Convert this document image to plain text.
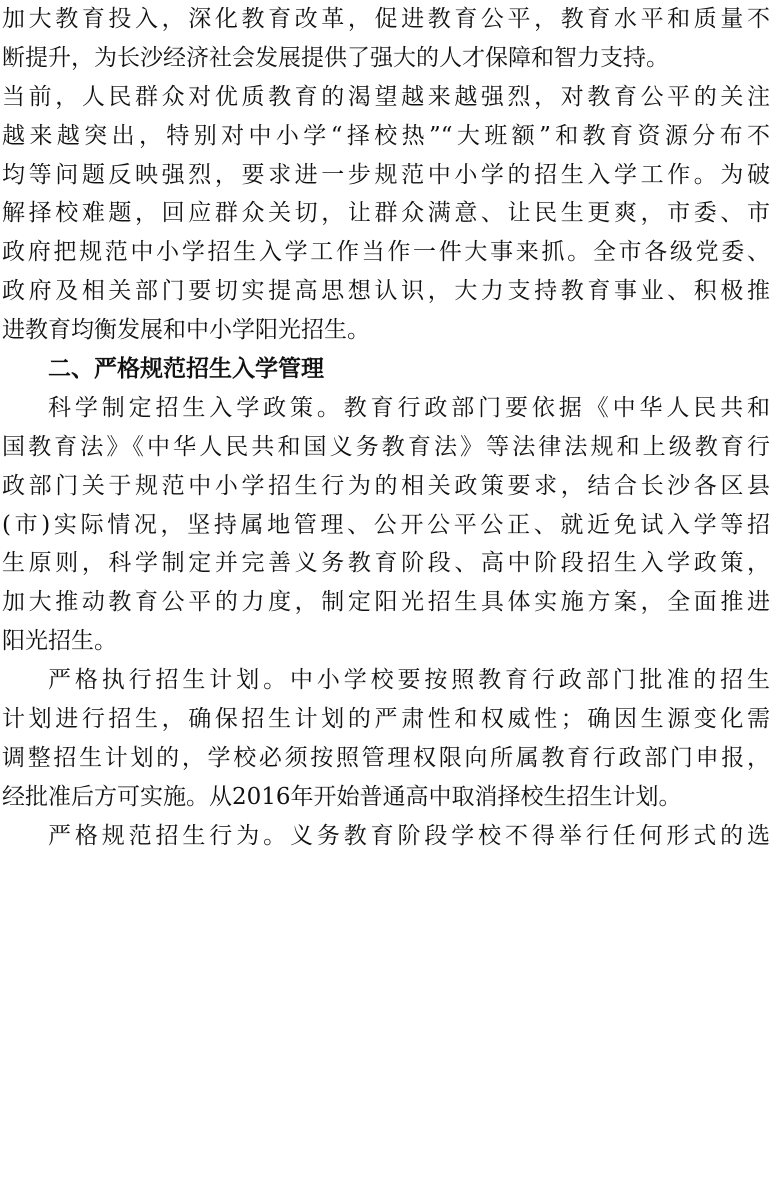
加大教育投入，深化教育改革，促进教育公平，教育水平和质量不
断提升，为长沙经济社会发展提供了强大的人才保障和智力支持。
当前，人民群众对优质教育的渴望越来越强烈，对教育公平的关注
越来越突出，特别对中小学“择校热”“大班额”和教育资源分布不
均等问题反映强烈，要求进一步规范中小学的招生入学工作。为破
解择校难题，回应群众关切，让群众满意、让民生更爽，市委、市
政府把规范中小学招生入学工作当作一件大事来抓。全市各级党委、
政府及相关部门要切实提高思想认识，大力支持教育事业、积极推
进教育均衡发展和中小学阳光招生。
二、严格规范招生入学管理
科学制定招生入学政策。教育行政部门要依据《中华人民共和
国教育法》《中华人民共和国义务教育法》等法律法规和上级教育行
政部门关于规范中小学招生行为的相关政策要求，结合长沙各区县
(市)实际情况，坚持属地管理、公开公平公正、就近免试入学等招
生原则，科学制定并完善义务教育阶段、高中阶段招生入学政策，
加大推动教育公平的力度，制定阳光招生具体实施方案，全面推进
阳光招生。
严格执行招生计划。中小学校要按照教育行政部门批准的招生
计划进行招生，确保招生计划的严肃性和权威性；确因生源变化需
调整招生计划的，学校必须按照管理权限向所属教育行政部门申报，
经批准后方可实施。从2016年开始普通高中取消择校生招生计划。
严格规范招生行为。义务教育阶段学校不得举行任何形式的选
